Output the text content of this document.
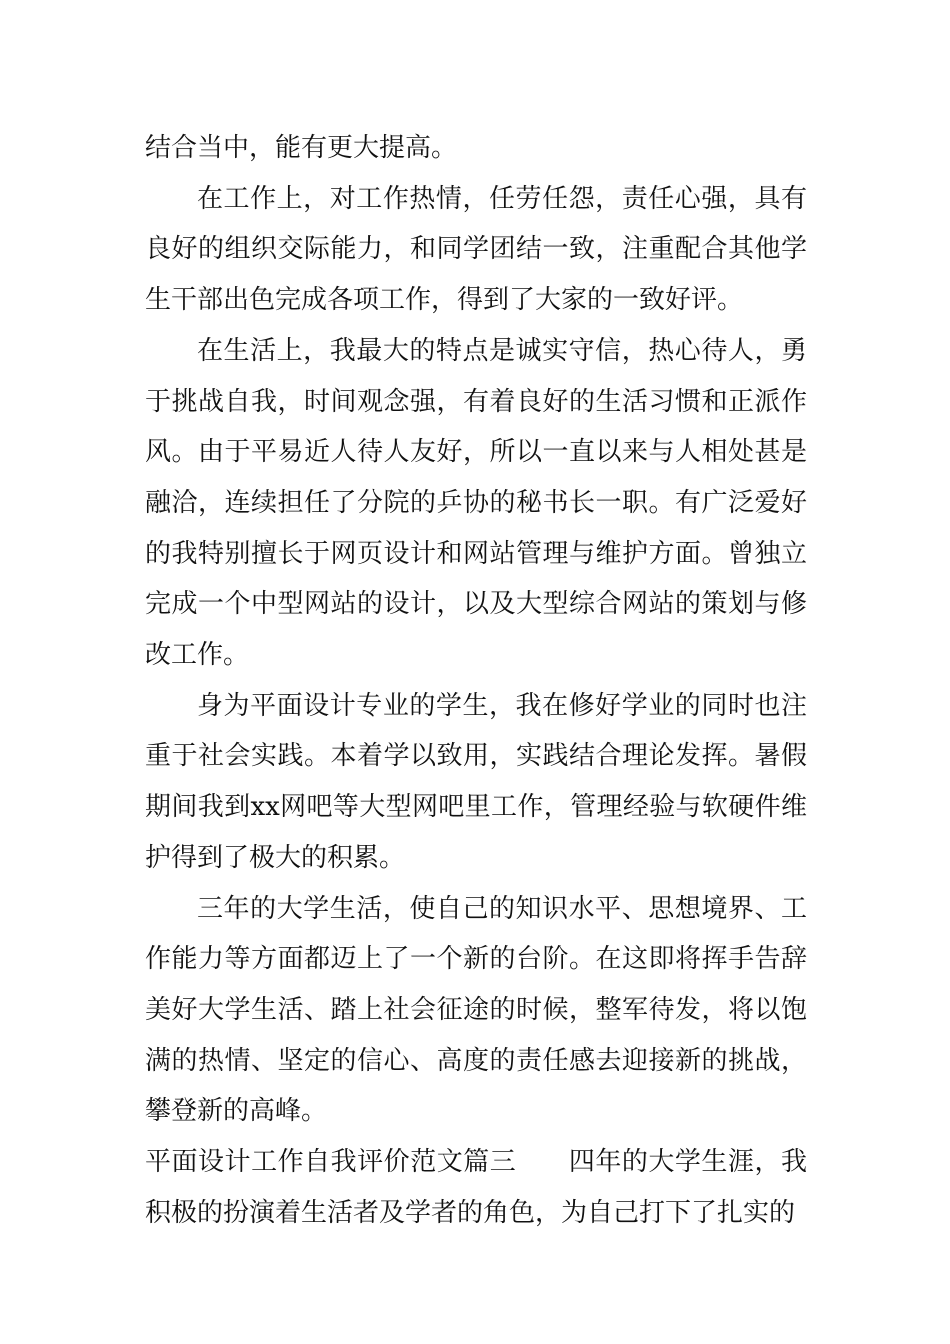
结合当中，能有更大提高。

在工作上，对工作热情，任劳任怨，责任心强，具有良好的组织交际能力，和同学团结一致，注重配合其他学生干部出色完成各项工作，得到了大家的一致好评。

在生活上，我最大的特点是诚实守信，热心待人，勇于挑战自我，时间观念强，有着良好的生活习惯和正派作风。由于平易近人待人友好，所以一直以来与人相处甚是融洽，连续担任了分院的乒协的秘书长一职。有广泛爱好的我特别擅长于网页设计和网站管理与维护方面。曾独立完成一个中型网站的设计，以及大型综合网站的策划与修改工作。

身为平面设计专业的学生，我在修好学业的同时也注重于社会实践。本着学以致用，实践结合理论发挥。暑假期间我到xx网吧等大型网吧里工作，管理经验与软硬件维护得到了极大的积累。

三年的大学生活，使自己的知识水平、思想境界、工作能力等方面都迈上了一个新的台阶。在这即将挥手告辞美好大学生活、踏上社会征途的时候，整军待发，将以饱满的热情、坚定的信心、高度的责任感去迎接新的挑战，攀登新的高峰。

平面设计工作自我评价范文篇三 四年的大学生涯，我积极的扮演着生活者及学者的角色，为自己打下了扎实的
